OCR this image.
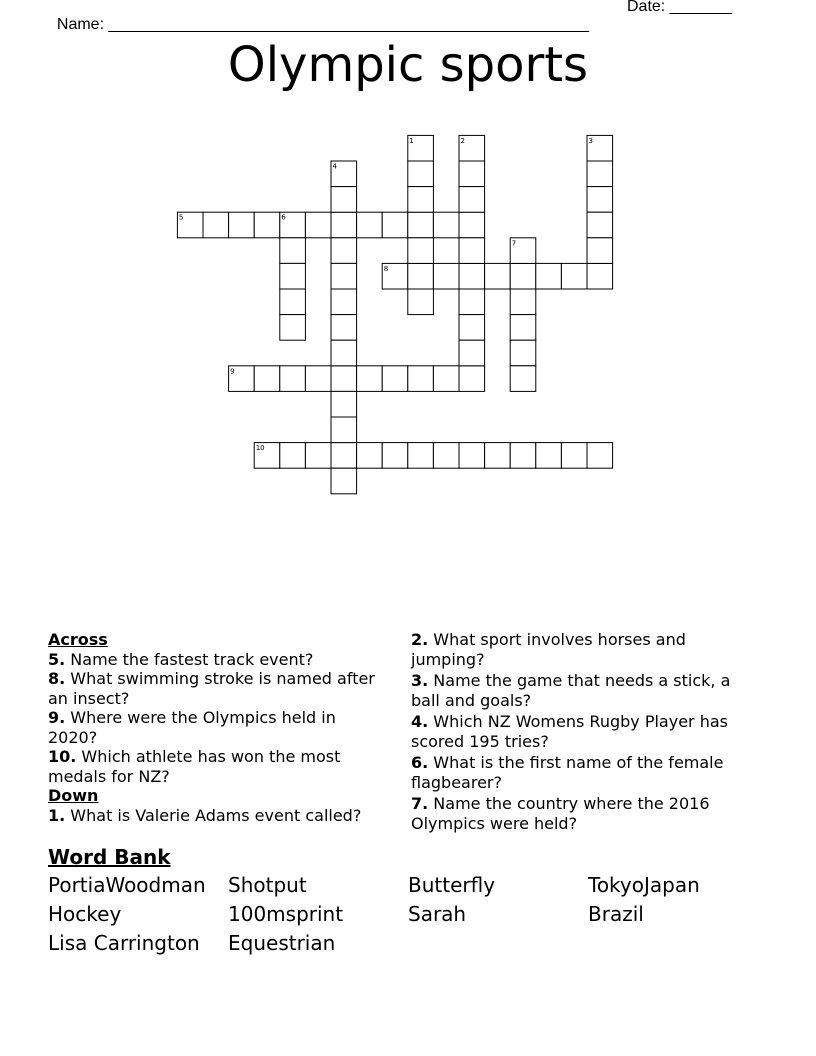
Name: ______________________________________________________

Date: _______

Olympic sports
5
8
9
10
1	2	3
4
6
7
Across
5. Name the fastest track event?
8. What swimming stroke is named after an insect?
9. Where were the Olympics held in 2020?
10. Which athlete has won the most medals for NZ?
Down
1. What is Valerie Adams event called?
2. What sport involves horses and jumping?
3. Name the game that needs a stick, a ball and goals?
4. Which NZ Womens Rugby Player has scored 195 tries?
6. What is the first name of the female flagbearer?
7. Name the country where the 2016 Olympics were held?
Word Bank
PortiaWoodman	Shotput	Butterfly	TokyoJapan
Hockey	100msprint	Sarah	Brazil
Lisa Carrington	Equestrian
